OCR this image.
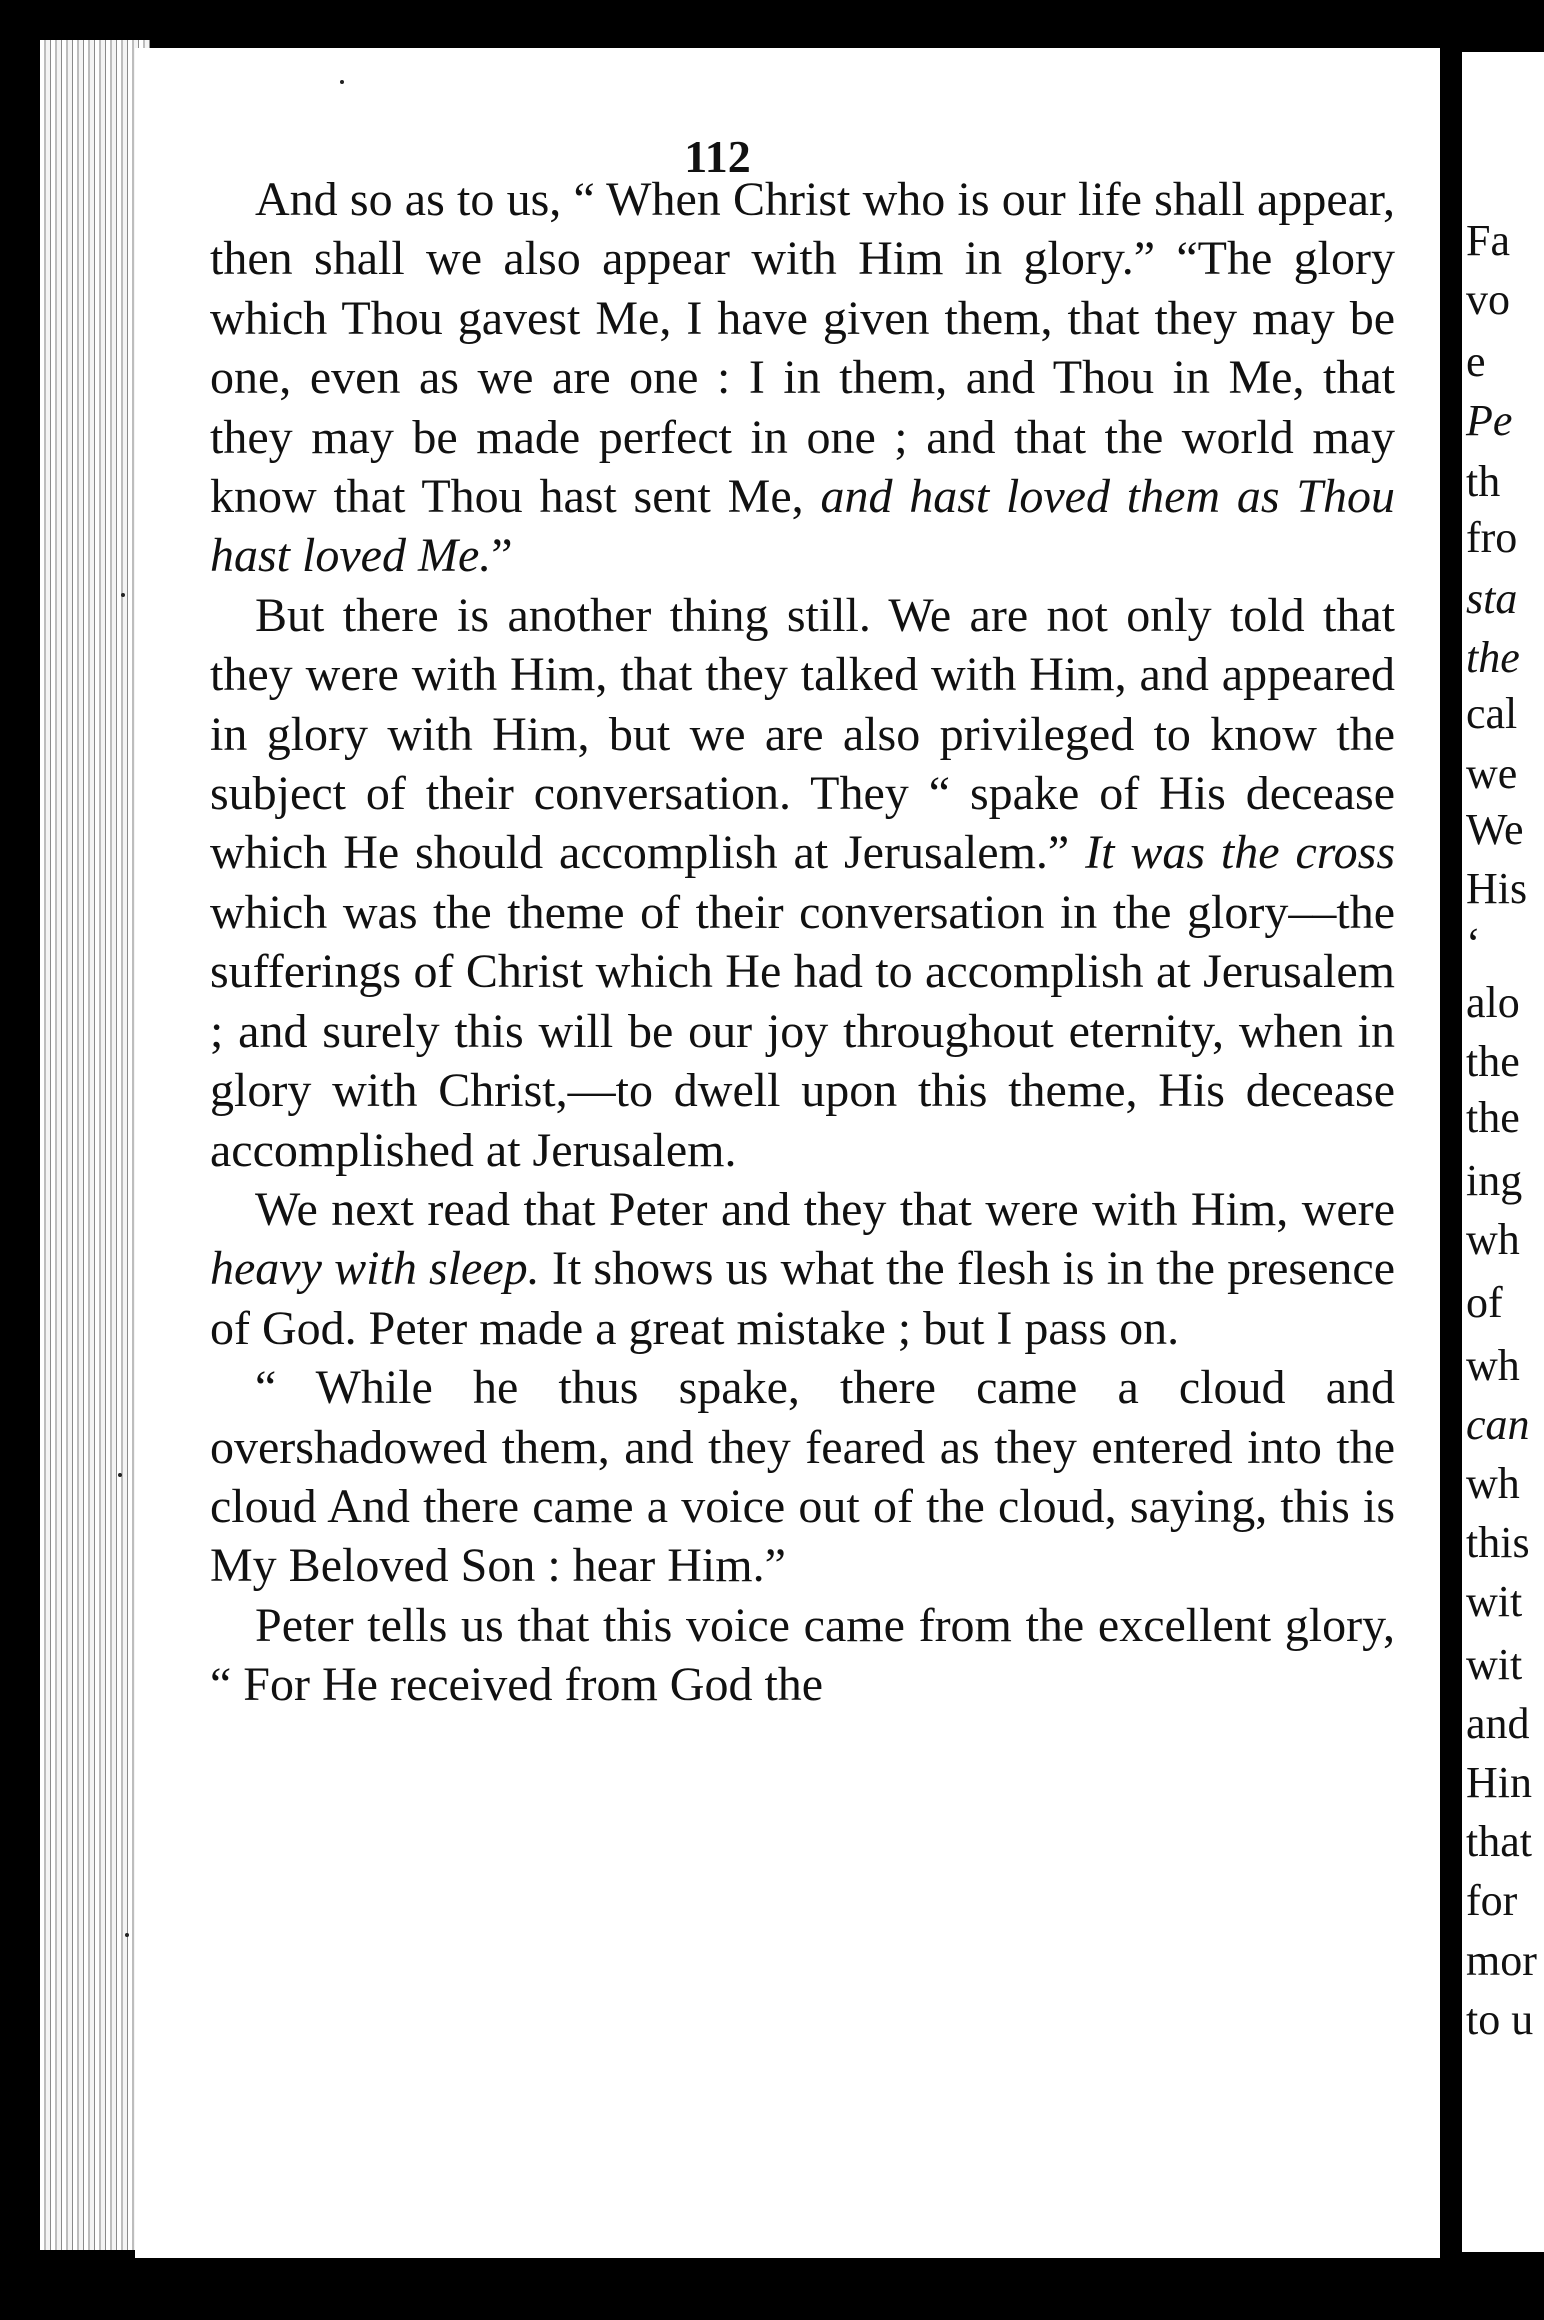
112

And so as to us, “ When Christ who is our life shall appear, then shall we also appear with Him in glory.” “The glory which Thou gavest Me, I have given them, that they may be one, even as we are one : I in them, and Thou in Me, that they may be made perfect in one ; and that the world may know that Thou hast sent Me, and hast loved them as Thou hast loved Me.”

But there is another thing still. We are not only told that they were with Him, that they talked with Him, and appeared in glory with Him, but we are also privileged to know the subject of their conversation. They “ spake of His decease which He should accomplish at Jerusalem.” It was the cross which was the theme of their conversation in the glory––the sufferings of Christ which He had to accomplish at Jerusalem ; and surely this will be our joy throughout eternity, when in glory with Christ,—to dwell upon this theme, His decease accomplished at Jerusalem.

We next read that Peter and they that were with Him, were heavy with sleep. It shows us what the flesh is in the presence of God. Peter made a great mistake ; but I pass on.

“ While he thus spake, there came a cloud and overshadowed them, and they feared as they entered into the cloud And there came a voice out of the cloud, saying, this is My Beloved Son : hear Him.”

Peter tells us that this voice came from the excellent glory, “ For He received from God the

Fa
vo
e
Pe
th
fro
sta
the
cal
we
We
His
‘
alo
the
the
ing
wh
of
wh
can
wh
this
wit
wit
and
Hin
that
for
mor
to u
